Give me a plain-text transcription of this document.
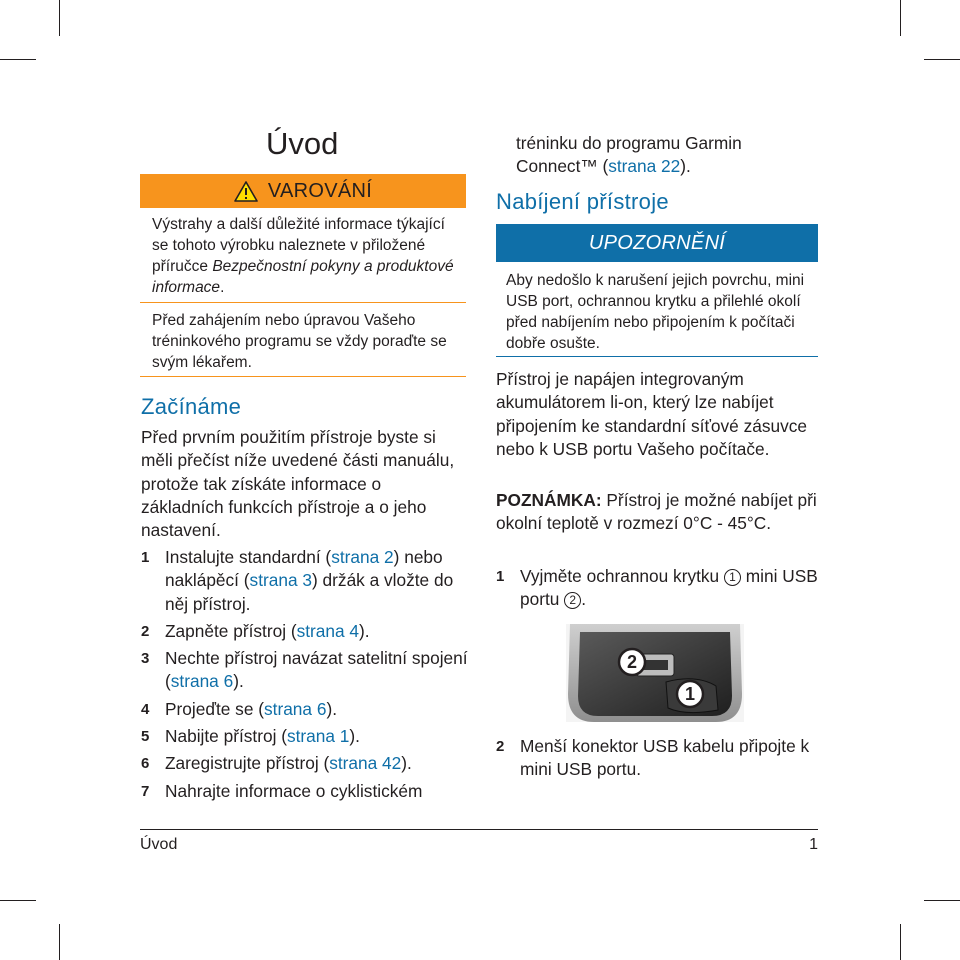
Úvod
VAROVÁNÍ

Výstrahy a další důležité informace týkající se tohoto výrobku naleznete v přiložené příručce Bezpečnostní pokyny a produktové informace.

Před zahájením nebo úpravou Vašeho tréninkového programu se vždy poraďte se svým lékařem.

Začínáme

Před prvním použitím přístroje byste si měli přečíst níže uvedené části manuálu, protože tak získáte informace o základních funkcích přístroje a o jeho nastavení.

1 Instalujte standardní (strana 2) nebo naklápěcí (strana 3) držák a vložte do něj přístroj.
2 Zapněte přístroj (strana 4).
3 Nechte přístroj navázat satelitní spojení (strana 6).
4 Projeďte se (strana 6).
5 Nabijte přístroj (strana 1).
6 Zaregistrujte přístroj (strana 42).
7 Nahrajte informace o cyklistickém

tréninku do programu Garmin Connect™ (strana 22).

Nabíjení přístroje
UPOZORNĚNÍ
Aby nedošlo k narušení jejich povrchu, mini USB port, ochrannou krytku a přilehlé okolí před nabíjením nebo připojením k počítači dobře osušte.

Přístroj je napájen integrovaným akumulátorem li-on, který lze nabíjet připojením ke standardní síťové zásuvce nebo k USB portu Vašeho počítače.

POZNÁMKA: Přístroj je možné nabíjet při okolní teplotě v rozmezí 0°C - 45°C.

1 Vyjměte ochrannou krytku 1 mini USB portu 2 .
2
1
2 Menší konektor USB kabelu připojte k mini USB portu.
Úvod	1
